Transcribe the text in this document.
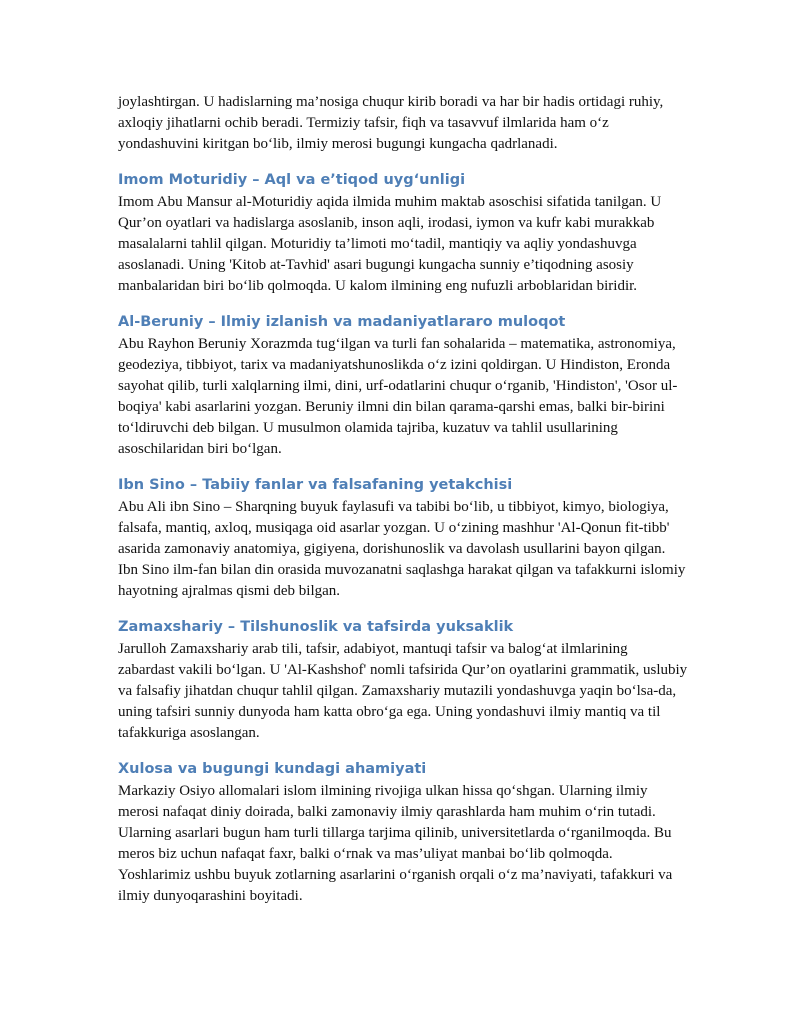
joylashtirgan. U hadislarning ma’nosiga chuqur kirib boradi va har bir hadis ortidagi ruhiy, axloqiy jihatlarni ochib beradi. Termiziy tafsir, fiqh va tasavvuf ilmlarida ham o‘z yondashuvini kiritgan bo‘lib, ilmiy merosi bugungi kungacha qadrlanadi.

Imom Moturidiy – Aql va e’tiqod uyg‘unligi

Imom Abu Mansur al-Moturidiy aqida ilmida muhim maktab asoschisi sifatida tanilgan. U Qur’on oyatlari va hadislarga asoslanib, inson aqli, irodasi, iymon va kufr kabi murakkab masalalarni tahlil qilgan. Moturidiy ta’limoti mo‘tadil, mantiqiy va aqliy yondashuvga asoslanadi. Uning 'Kitob at-Tavhid' asari bugungi kungacha sunniy e’tiqodning asosiy manbalaridan biri bo‘lib qolmoqda. U kalom ilmining eng nufuzli arboblaridan biridir.

Al-Beruniy – Ilmiy izlanish va madaniyatlararo muloqot

Abu Rayhon Beruniy Xorazmda tug‘ilgan va turli fan sohalarida – matematika, astronomiya, geodeziya, tibbiyot, tarix va madaniyatshunoslikda o‘z izini qoldirgan. U Hindiston, Eronda sayohat qilib, turli xalqlarning ilmi, dini, urf-odatlarini chuqur o‘rganib, 'Hindiston', 'Osor ul-boqiya' kabi asarlarini yozgan. Beruniy ilmni din bilan qarama-qarshi emas, balki bir-birini to‘ldiruvchi deb bilgan. U musulmon olamida tajriba, kuzatuv va tahlil usullarining asoschilaridan biri bo‘lgan.

Ibn Sino – Tabiiy fanlar va falsafaning yetakchisi

Abu Ali ibn Sino – Sharqning buyuk faylasufi va tabibi bo‘lib, u tibbiyot, kimyo, biologiya, falsafa, mantiq, axloq, musiqaga oid asarlar yozgan. U o‘zining mashhur 'Al-Qonun fit-tibb' asarida zamonaviy anatomiya, gigiyena, dorishunoslik va davolash usullarini bayon qilgan. Ibn Sino ilm-fan bilan din orasida muvozanatni saqlashga harakat qilgan va tafakkurni islomiy hayotning ajralmas qismi deb bilgan.

Zamaxshariy – Tilshunoslik va tafsirda yuksaklik

Jarulloh Zamaxshariy arab tili, tafsir, adabiyot, mantuqi tafsir va balog‘at ilmlarining zabardast vakili bo‘lgan. U 'Al-Kashshof' nomli tafsirida Qur’on oyatlarini grammatik, uslubiy va falsafiy jihatdan chuqur tahlil qilgan. Zamaxshariy mutazili yondashuvga yaqin bo‘lsa-da, uning tafsiri sunniy dunyoda ham katta obro‘ga ega. Uning yondashuvi ilmiy mantiq va til tafakkuriga asoslangan.

Xulosa va bugungi kundagi ahamiyati

Markaziy Osiyo allomalari islom ilmining rivojiga ulkan hissa qo‘shgan. Ularning ilmiy merosi nafaqat diniy doirada, balki zamonaviy ilmiy qarashlarda ham muhim o‘rin tutadi. Ularning asarlari bugun ham turli tillarga tarjima qilinib, universitetlarda o‘rganilmoqda. Bu meros biz uchun nafaqat faxr, balki o‘rnak va mas’uliyat manbai bo‘lib qolmoqda. Yoshlarimiz ushbu buyuk zotlarning asarlarini o‘rganish orqali o‘z ma’naviyati, tafakkuri va ilmiy dunyoqarashini boyitadi.
